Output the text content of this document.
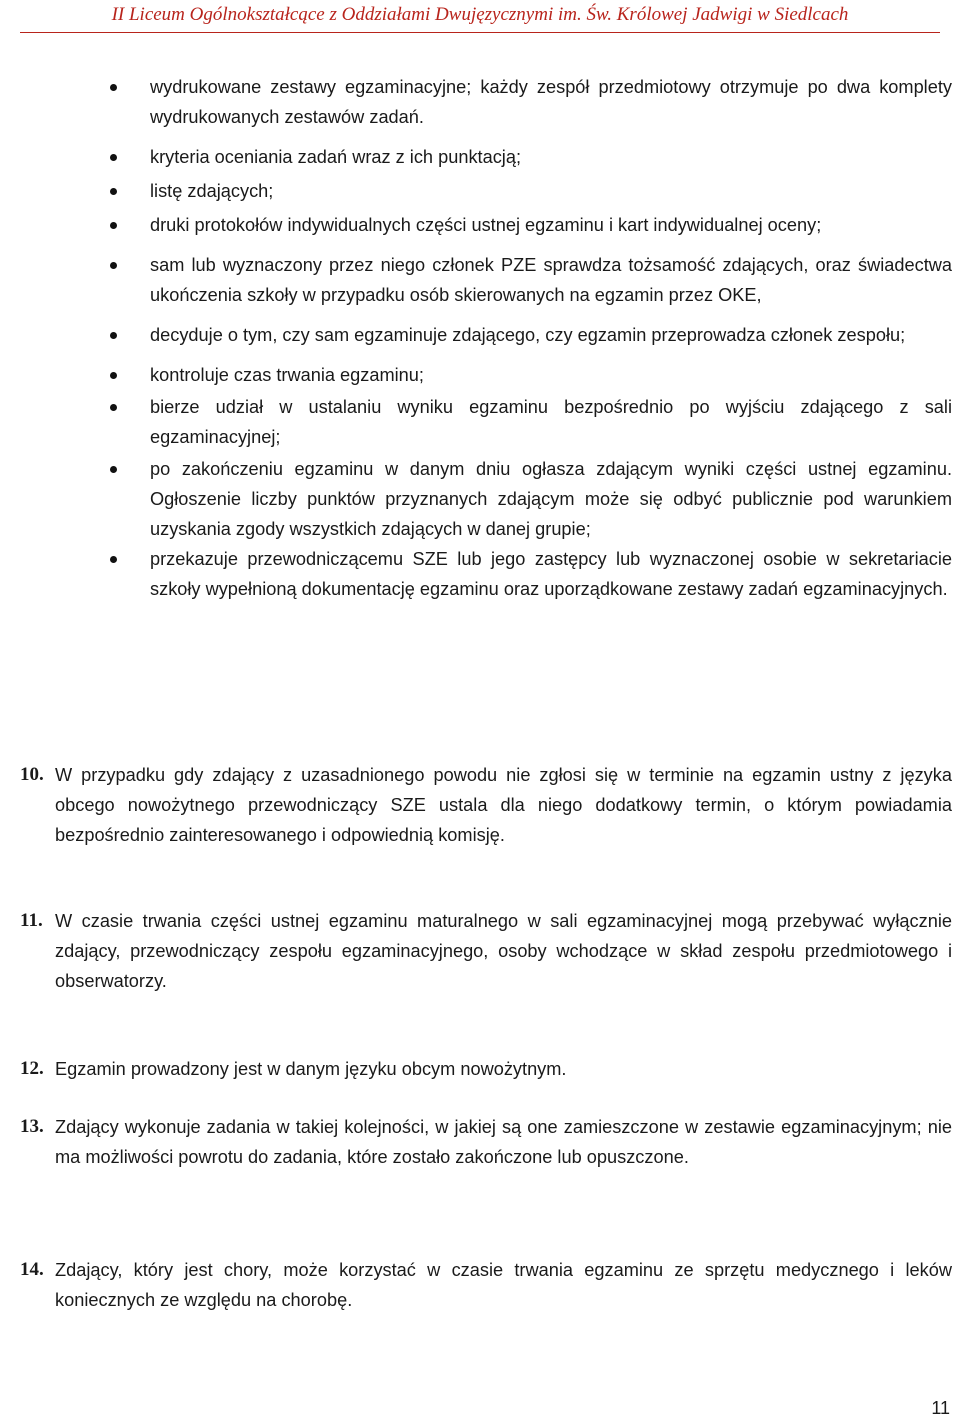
II Liceum Ogólnokształcące z Oddziałami Dwujęzycznymi im. Św. Królowej Jadwigi w Siedlcach
wydrukowane zestawy egzaminacyjne; każdy zespół przedmiotowy otrzymuje po dwa komplety wydrukowanych zestawów zadań.
kryteria oceniania zadań wraz z ich punktacją;
listę zdających;
druki protokołów indywidualnych części ustnej egzaminu i kart indywidualnej oceny;
sam lub wyznaczony przez niego członek PZE sprawdza tożsamość zdających, oraz świadectwa ukończenia szkoły w przypadku osób skierowanych na egzamin przez OKE,
decyduje o tym, czy sam egzaminuje zdającego, czy egzamin przeprowadza członek zespołu;
kontroluje czas trwania egzaminu;
bierze udział w ustalaniu wyniku egzaminu bezpośrednio po wyjściu zdającego z sali egzaminacyjnej;
po zakończeniu egzaminu w danym dniu ogłasza zdającym wyniki części ustnej egzaminu. Ogłoszenie liczby punktów przyznanych zdającym może się odbyć publicznie pod warunkiem uzyskania zgody wszystkich zdających w danej grupie;
przekazuje przewodniczącemu SZE lub jego zastępcy lub wyznaczonej osobie w sekretariacie szkoły wypełnioną dokumentację egzaminu oraz uporządkowane zestawy zadań egzaminacyjnych.
10. W przypadku gdy zdający z uzasadnionego powodu nie zgłosi się w terminie na egzamin ustny z języka obcego nowożytnego przewodniczący SZE ustala dla niego dodatkowy termin, o którym powiadamia bezpośrednio zainteresowanego i odpowiednią komisję.
11. W czasie trwania części ustnej egzaminu maturalnego w sali egzaminacyjnej mogą przebywać wyłącznie zdający, przewodniczący zespołu egzaminacyjnego, osoby wchodzące w skład zespołu przedmiotowego i obserwatorzy.
12. Egzamin prowadzony jest w danym języku obcym nowożytnym.
13. Zdający wykonuje zadania w takiej kolejności, w jakiej są one zamieszczone w zestawie egzaminacyjnym; nie ma możliwości powrotu do zadania, które zostało zakończone lub opuszczone.
14. Zdający, który jest chory, może korzystać w czasie trwania egzaminu ze sprzętu medycznego i leków koniecznych ze względu na chorobę.
11
